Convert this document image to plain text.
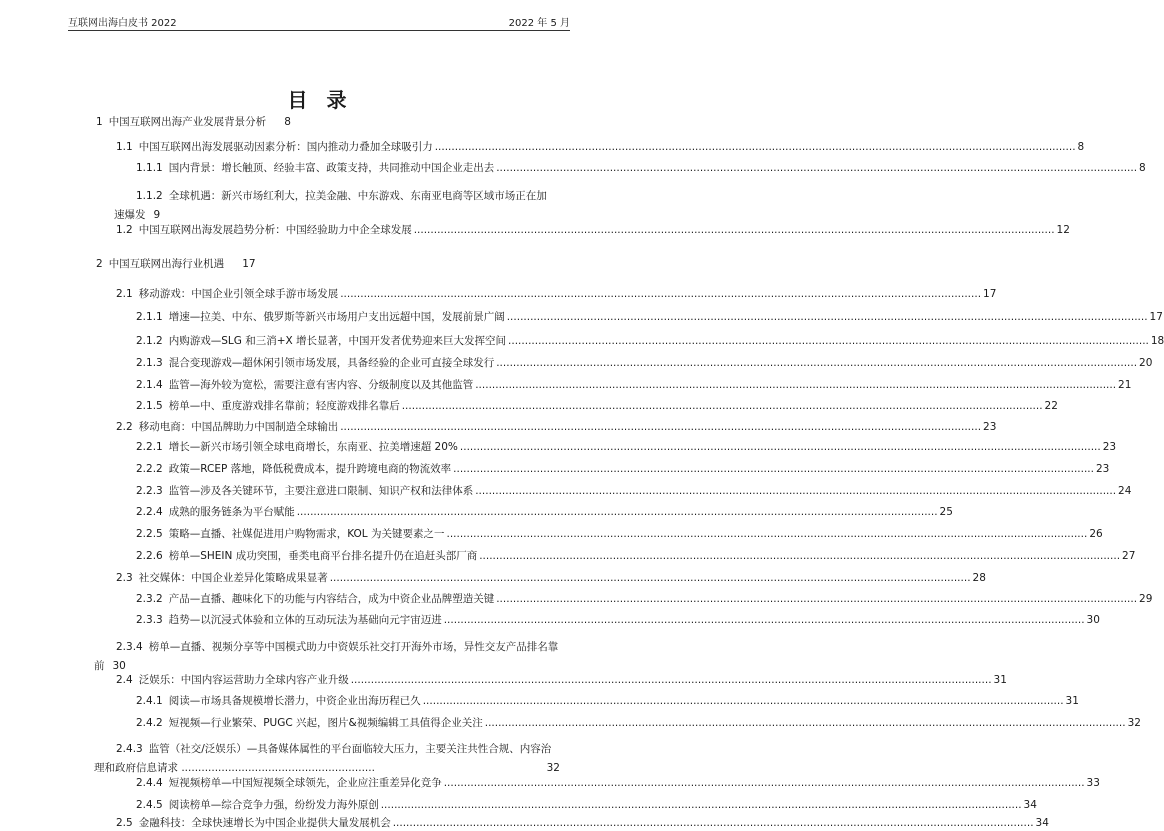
互联网出海白皮书 2022	2022 年 5 月
目 录
1 中国互联网出海产业发展背景分析 8
1.1 中国互联网出海发展驱动因素分析：国内推动力叠加全球吸引力 .....	8
1.1.1 国内背景：增长触顶、经验丰富、政策支持，共同推动中国企业走出去 .....	8
1.1.2 全球机遇：新兴市场红利大，拉美金融、中东游戏、东南亚电商等区域市场正在加速爆发 9
1.2 中国互联网出海发展趋势分析：中国经验助力中企全球发展 .....	12
2 中国互联网出海行业机遇 17
2.1 移动游戏：中国企业引领全球手游市场发展 .....	17
2.1.1 增速—拉美、中东、俄罗斯等新兴市场用户支出远超中国，发展前景广阔 .....	17
2.1.2 内购游戏—SLG 和三消+X 增长显著，中国开发者优势迎来巨大发挥空间 .....	18
2.1.3 混合变现游戏—超休闲引领市场发展，具备经验的企业可直接全球发行 .....	20
2.1.4 监管—海外较为宽松，需要注意有害内容、分级制度以及其他监管 .....	21
2.1.5 榜单—中、重度游戏排名靠前；轻度游戏排名靠后 .....	22
2.2 移动电商：中国品牌助力中国制造全球输出 .....	23
2.2.1 增长—新兴市场引领全球电商增长，东南亚、拉美增速超 20% .....	23
2.2.2 政策—RCEP 落地，降低税费成本，提升跨境电商的物流效率 .....	23
2.2.3 监管—涉及各关键环节，主要注意进口限制、知识产权和法律体系 .....	24
2.2.4 成熟的服务链条为平台赋能 .....	25
2.2.5 策略—直播、社媒促进用户购物需求，KOL 为关键要素之一 .....	26
2.2.6 榜单—SHEIN 成功突围，垂类电商平台排名提升仍在追赶头部厂商 .....	27
2.3 社交媒体：中国企业差异化策略成果显著 .....	28
2.3.2 产品—直播、趣味化下的功能与内容结合，成为中资企业品牌塑造关键 .....	29
2.3.3 趋势—以沉浸式体验和立体的互动玩法为基础向元宇宙迈进 .....	30
2.3.4 榜单—直播、视频分享等中国模式助力中资娱乐社交打开海外市场，异性交友产品排名靠前 30
2.4 泛娱乐：中国内容运营助力全球内容产业升级 .....	31
2.4.1 阅读—市场具备规模增长潜力，中资企业出海历程已久 .....	31
2.4.2 短视频—行业繁荣、PUGC 兴起，图片&视频编辑工具值得企业关注 .....	32
2.4.3 监管（社交/泛娱乐）—具备媒体属性的平台面临较大压力，主要关注共性合规、内容治理和政府信息请求 ..........................................................	32
2.4.4 短视频榜单—中国短视频全球领先，企业应注重差异化竞争 .....	33
2.4.5 阅读榜单—综合竞争力强，纷纷发力海外原创 .....	34
2.5 金融科技：全球快速增长为中国企业提供大量发展机会 .....	34
